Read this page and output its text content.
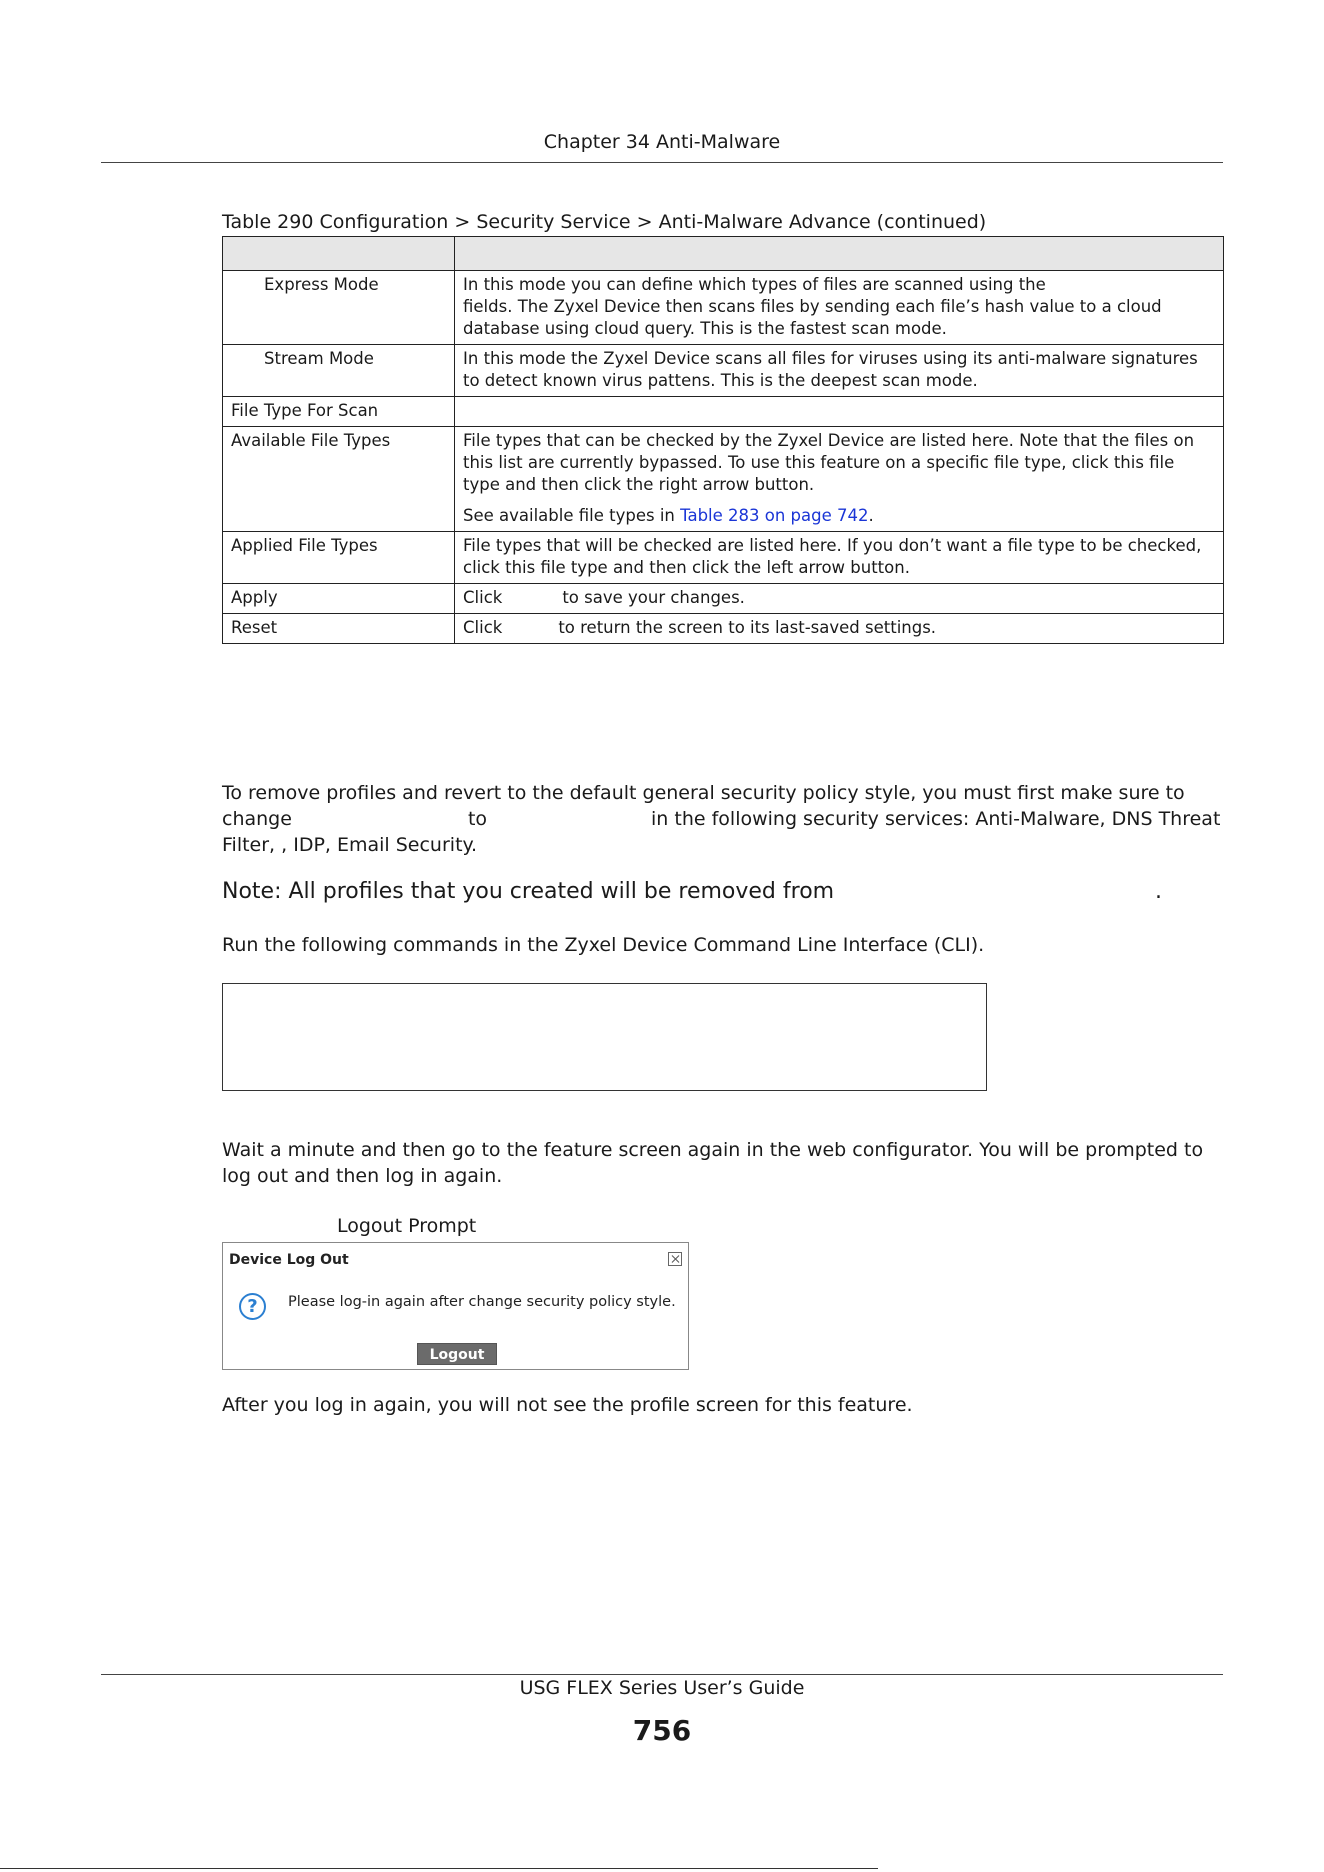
Chapter 34 Anti-Malware
Table 290 Configuration > Security Service > Anti-Malware Advance (continued)

Express Mode	In this mode you can define which types of files are scanned using the
fields. The Zyxel Device then scans files by sending each file’s hash value to a cloud database using cloud query. This is the fastest scan mode.
Stream Mode	In this mode the Zyxel Device scans all files for viruses using its anti-malware signatures to detect known virus pattens. This is the deepest scan mode.
File Type For Scan	
Available File Types	File types that can be checked by the Zyxel Device are listed here. Note that the files on this list are currently bypassed. To use this feature on a specific file type, click this file type and then click the right arrow button.
See available file types in Table 283 on page 742.

Applied File Types	File types that will be checked are listed here. If you don’t want a file type to be checked, click this file type and then click the left arrow button.
Apply	Click to save your changes.
Reset	Click to return the screen to its last-saved settings.
To remove profiles and revert to the default general security policy style, you must first make sure to
change	to	in the following security services: Anti-Malware, DNS Threat
Filter, , IDP, Email Security.
Note: All profiles that you created will be removed from	.
Run the following commands in the Zyxel Device Command Line Interface (CLI).
Wait a minute and then go to the feature screen again in the web configurator. You will be prompted to log out and then log in again.
Logout Prompt
Device Log Out
?	Please log-in again after change security policy style.
Logout
After you log in again, you will not see the profile screen for this feature.
USG FLEX Series User’s Guide
756
